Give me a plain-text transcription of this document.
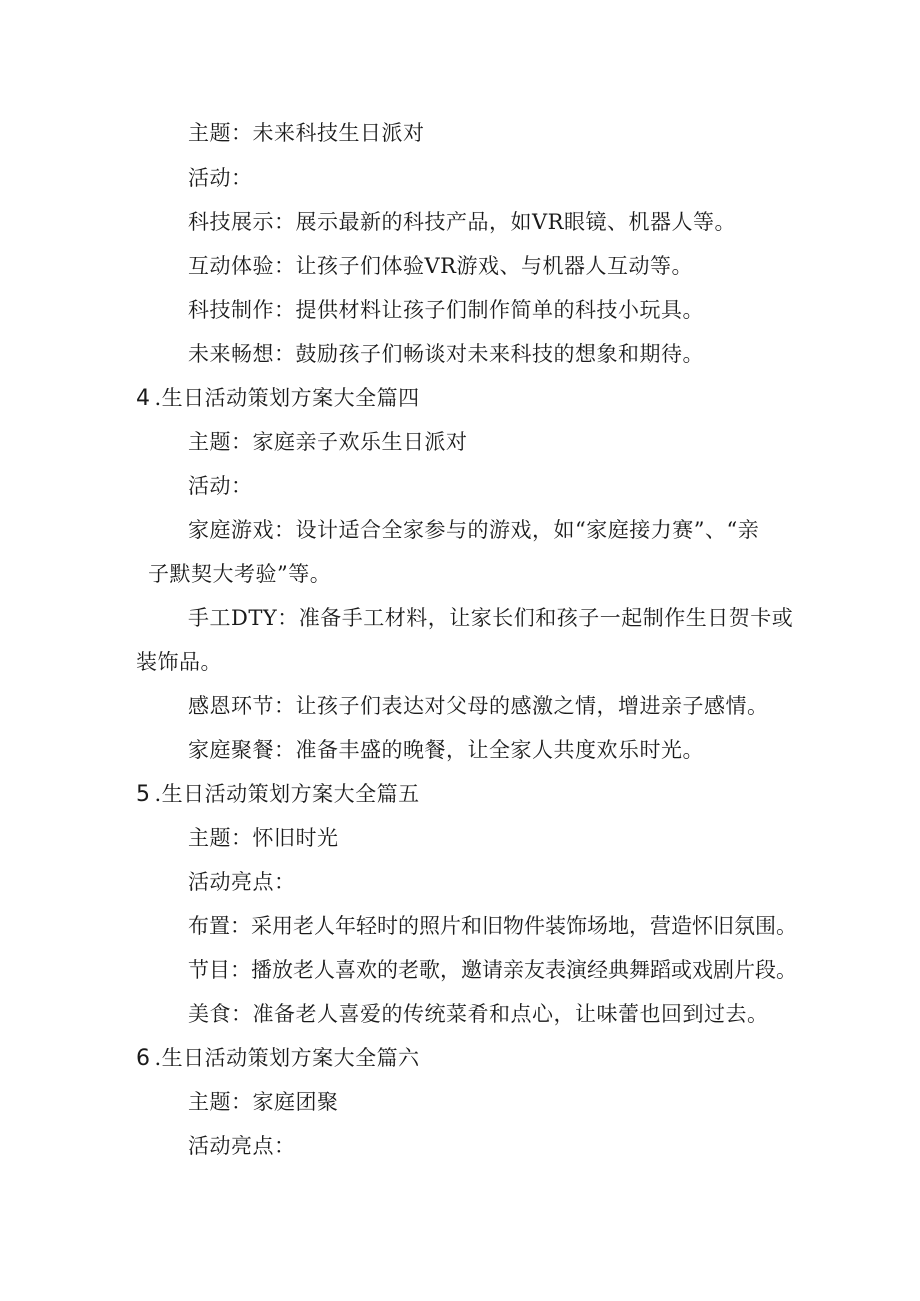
主题：未来科技生日派对
活动：
科技展示：展示最新的科技产品，如VR眼镜、机器人等。
互动体验：让孩子们体验VR游戏、与机器人互动等。
科技制作：提供材料让孩子们制作简单的科技小玩具。
未来畅想：鼓励孩子们畅谈对未来科技的想象和期待。
4 .生日活动策划方案大全篇四
主题：家庭亲子欢乐生日派对
活动：
家庭游戏：设计适合全家参与的游戏，如“家庭接力赛”、“亲
子默契大考验”等。
手工DTY：准备手工材料，让家长们和孩子一起制作生日贺卡或
装饰品。
感恩环节：让孩子们表达对父母的感激之情，增进亲子感情。
家庭聚餐：准备丰盛的晚餐，让全家人共度欢乐时光。
5 .生日活动策划方案大全篇五
主题：怀旧时光
活动亮点：
布置：采用老人年轻时的照片和旧物件装饰场地，营造怀旧氛围。
节目：播放老人喜欢的老歌，邀请亲友表演经典舞蹈或戏剧片段。
美食：准备老人喜爱的传统菜肴和点心，让味蕾也回到过去。
6 .生日活动策划方案大全篇六
主题：家庭团聚
活动亮点：
